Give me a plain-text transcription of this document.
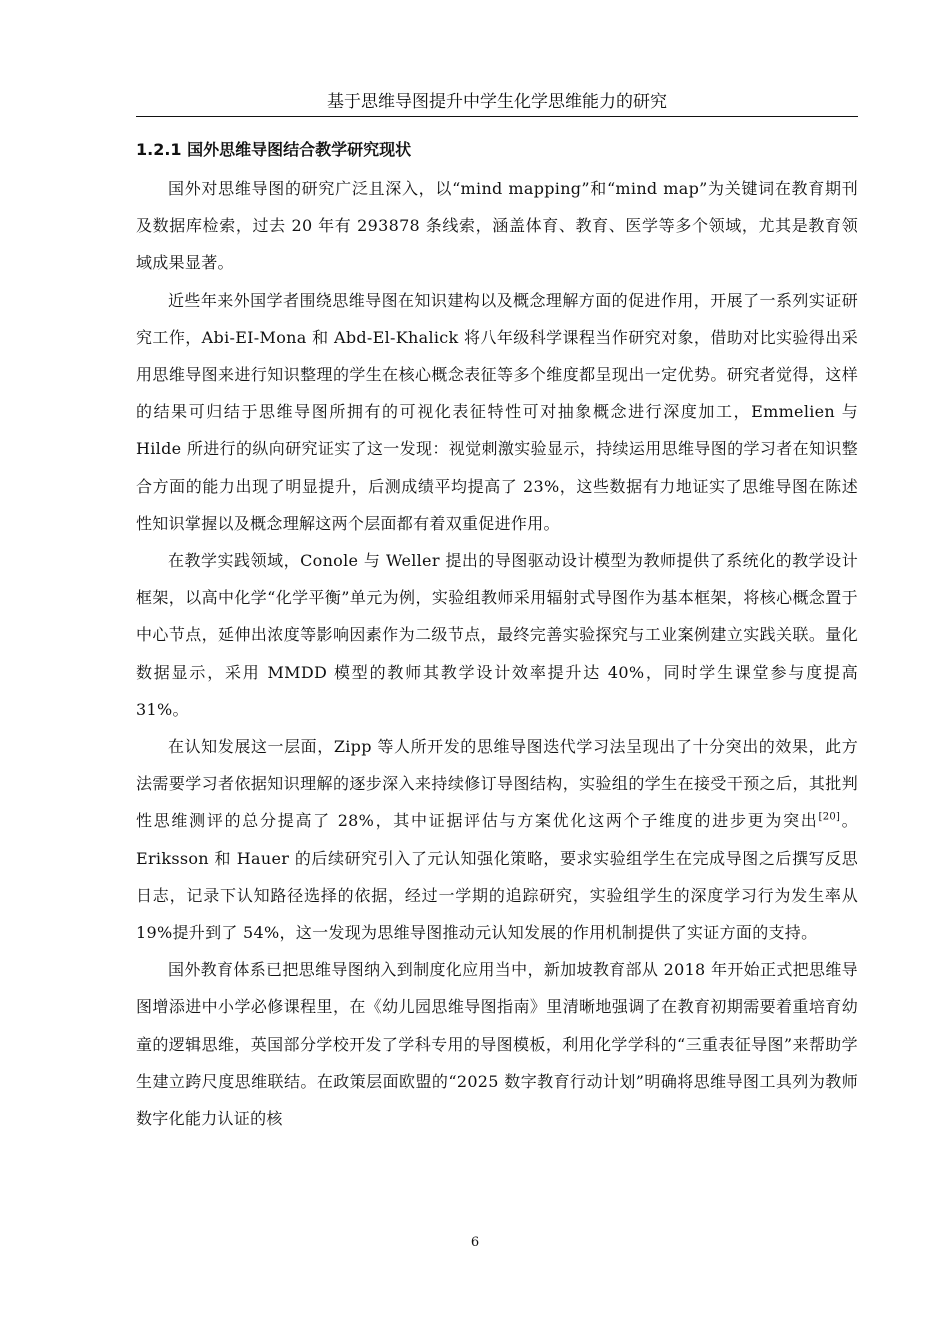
基于思维导图提升中学生化学思维能力的研究
1.2.1 国外思维导图结合教学研究现状

国外对思维导图的研究广泛且深入，以“mind mapping”和“mind map”为关键词在教育期刊及数据库检索，过去 20 年有 293878 条线索，涵盖体育、教育、医学等多个领域，尤其是教育领域成果显著。

近些年来外国学者围绕思维导图在知识建构以及概念理解方面的促进作用，开展了一系列实证研究工作，Abi-EI-Mona 和 Abd-El-Khalick 将八年级科学课程当作研究对象，借助对比实验得出采用思维导图来进行知识整理的学生在核心概念表征等多个维度都呈现出一定优势。研究者觉得，这样的结果可归结于思维导图所拥有的可视化表征特性可对抽象概念进行深度加工，Emmelien 与 Hilde 所进行的纵向研究证实了这一发现：视觉刺激实验显示，持续运用思维导图的学习者在知识整合方面的能力出现了明显提升，后测成绩平均提高了 23%，这些数据有力地证实了思维导图在陈述性知识掌握以及概念理解这两个层面都有着双重促进作用。

在教学实践领域，Conole 与 Weller 提出的导图驱动设计模型为教师提供了系统化的教学设计框架，以高中化学“化学平衡”单元为例，实验组教师采用辐射式导图作为基本框架，将核心概念置于中心节点，延伸出浓度等影响因素作为二级节点，最终完善实验探究与工业案例建立实践关联。量化数据显示，采用 MMDD 模型的教师其教学设计效率提升达 40%，同时学生课堂参与度提高 31%。

在认知发展这一层面，Zipp 等人所开发的思维导图迭代学习法呈现出了十分突出的效果，此方法需要学习者依据知识理解的逐步深入来持续修订导图结构，实验组的学生在接受干预之后，其批判性思维测评的总分提高了 28%，其中证据评估与方案优化这两个子维度的进步更为突出[20]。Eriksson 和 Hauer 的后续研究引入了元认知强化策略，要求实验组学生在完成导图之后撰写反思日志，记录下认知路径选择的依据，经过一学期的追踪研究，实验组学生的深度学习行为发生率从 19%提升到了 54%，这一发现为思维导图推动元认知发展的作用机制提供了实证方面的支持。

国外教育体系已把思维导图纳入到制度化应用当中，新加坡教育部从 2018 年开始正式把思维导图增添进中小学必修课程里，在《幼儿园思维导图指南》里清晰地强调了在教育初期需要着重培育幼童的逻辑思维，英国部分学校开发了学科专用的导图模板，利用化学学科的“三重表征导图”来帮助学生建立跨尺度思维联结。在政策层面欧盟的“2025 数字教育行动计划”明确将思维导图工具列为教师数字化能力认证的核

6
